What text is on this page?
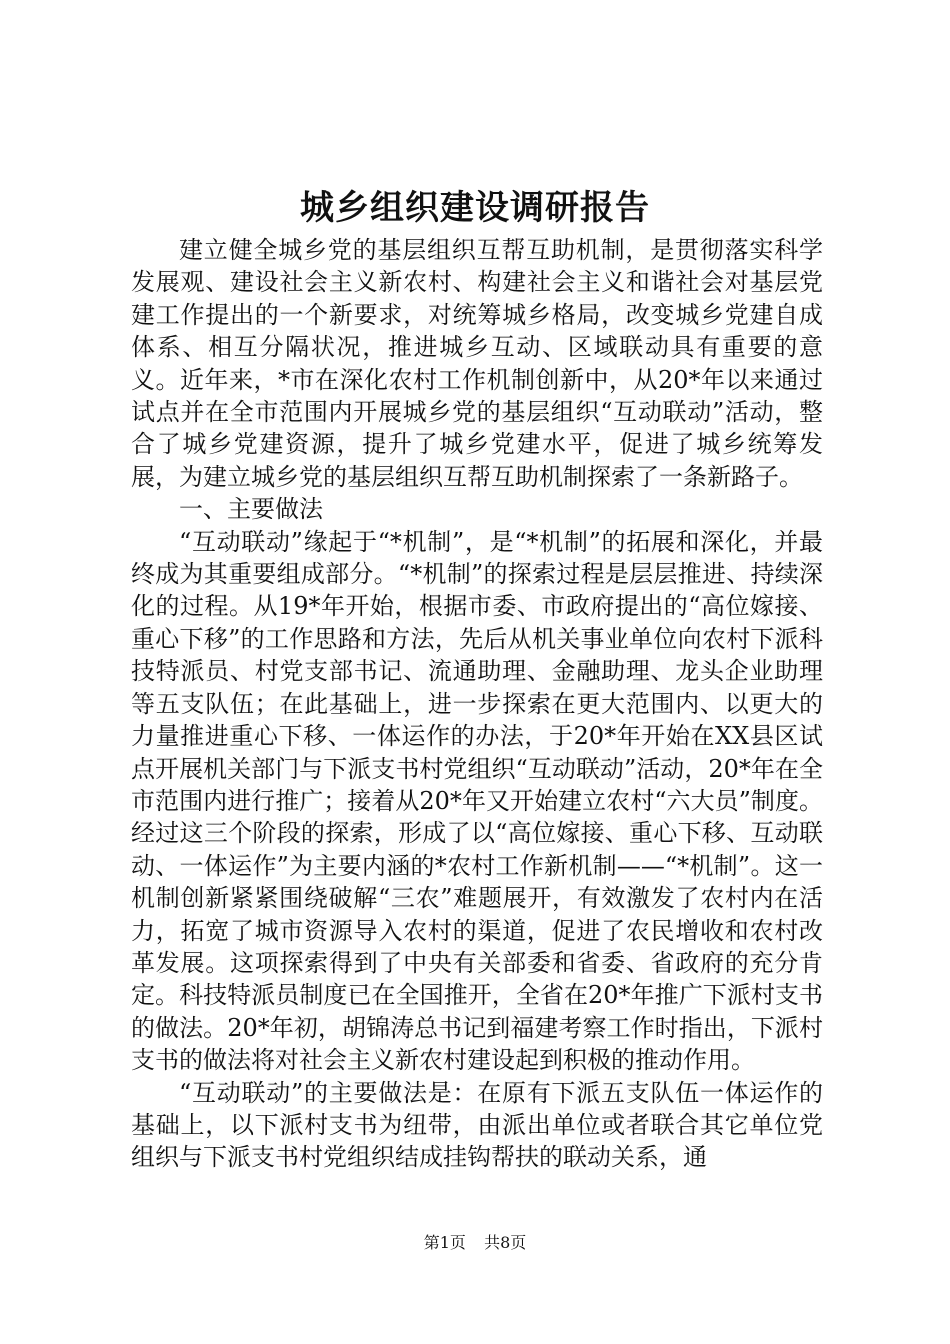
城乡组织建设调研报告

建立健全城乡党的基层组织互帮互助机制，是贯彻落实科学发展观、建设社会主义新农村、构建社会主义和谐社会对基层党建工作提出的一个新要求，对统筹城乡格局，改变城乡党建自成体系、相互分隔状况，推进城乡互动、区域联动具有重要的意义。近年来，*市在深化农村工作机制创新中，从20*年以来通过试点并在全市范围内开展城乡党的基层组织“互动联动”活动，整合了城乡党建资源，提升了城乡党建水平，促进了城乡统筹发展，为建立城乡党的基层组织互帮互助机制探索了一条新路子。

一、主要做法

“互动联动”缘起于“*机制”，是“*机制”的拓展和深化，并最终成为其重要组成部分。“*机制”的探索过程是层层推进、持续深化的过程。从19*年开始，根据市委、市政府提出的“高位嫁接、重心下移”的工作思路和方法，先后从机关事业单位向农村下派科技特派员、村党支部书记、流通助理、金融助理、龙头企业助理等五支队伍；在此基础上，进一步探索在更大范围内、以更大的力量推进重心下移、一体运作的办法，于20*年开始在XX县区试点开展机关部门与下派支书村党组织“互动联动”活动，20*年在全市范围内进行推广；接着从20*年又开始建立农村“六大员”制度。经过这三个阶段的探索，形成了以“高位嫁接、重心下移、互动联动、一体运作”为主要内涵的*农村工作新机制——“*机制”。这一机制创新紧紧围绕破解“三农”难题展开，有效激发了农村内在活力，拓宽了城市资源导入农村的渠道，促进了农民增收和农村改革发展。这项探索得到了中央有关部委和省委、省政府的充分肯定。科技特派员制度已在全国推开，全省在20*年推广下派村支书的做法。20*年初，胡锦涛总书记到福建考察工作时指出，下派村支书的做法将对社会主义新农村建设起到积极的推动作用。

“互动联动”的主要做法是：在原有下派五支队伍一体运作的基础上，以下派村支书为纽带，由派出单位或者联合其它单位党组织与下派支书村党组织结成挂钩帮扶的联动关系，通

第1页 共8页
